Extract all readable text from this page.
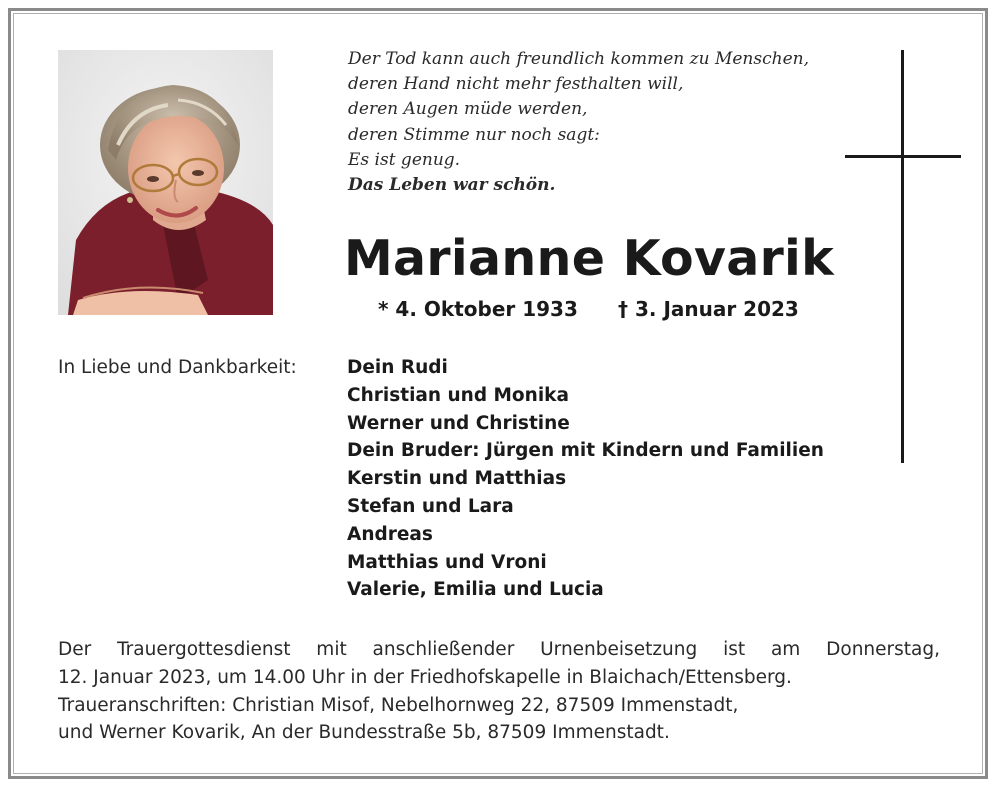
Der Tod kann auch freundlich kommen zu Menschen,
deren Hand nicht mehr festhalten will,
deren Augen müde werden,
deren Stimme nur noch sagt:
Es ist genug.
Das Leben war schön.
Marianne Kovarik
* 4. Oktober 1933 † 3. Januar 2023
In Liebe und Dankbarkeit:	Dein Rudi
Christian und Monika
Werner und Christine
Dein Bruder: Jürgen mit Kindern und Familien
Kerstin und Matthias
Stefan und Lara
Andreas
Matthias und Vroni
Valerie, Emilia und Lucia
Der Trauergottesdienst mit anschließender Urnenbeisetzung ist am Donnerstag,
12. Januar 2023, um 14.00 Uhr in der Friedhofskapelle in Blaichach/Ettensberg.
Traueranschriften: Christian Misof, Nebelhornweg 22, 87509 Immenstadt,
und Werner Kovarik, An der Bundesstraße 5b, 87509 Immenstadt.
